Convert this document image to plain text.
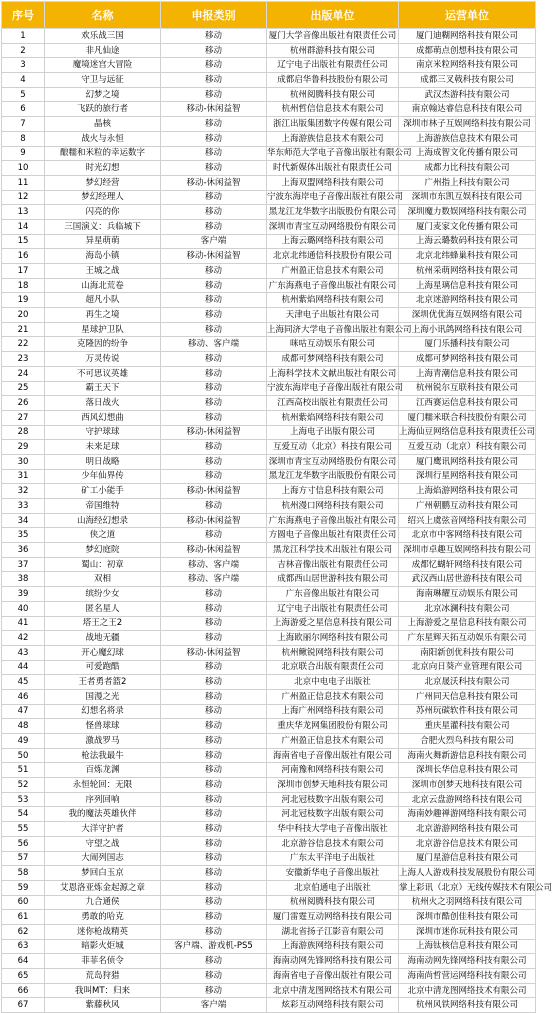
序号	名称	申报类别	出版单位	运营单位
1	欢乐战三国	移动	厦门大学音像出版社有限责任公司	厦门迪糊网络科技有限公司
2	非凡仙途	移动	杭州群游科技有限公司	成都萌点创想科技有限公司
3	魔境迷宫大冒险	移动	辽宁电子出版社有限责任公司	南京米粒网络科技有限公司
4	守卫与远征	移动	成都启华鲁科技股份有限公司	成都三叉戟科技有限公司
5	幻梦之境	移动	杭州阅腾科技有限公司	武汉杰游科技有限公司
6	飞跃的旅行者	移动-休闲益智	杭州哲信信息技术有限公司	南京翰达睿信息科技有限公司
7	晶核	移动	浙江出版集团数字传媒有限公司	深圳市林子互娱网络科技有限公司
8	战火与永恒	移动	上海游族信息技术有限公司	上海游族信息技术有限公司
9	酿糯和米粒的幸运数字	移动	华东师范大学电子音像出版社有限公司	上海成智文化传播有限公司
10	时光幻想	移动	时代新媒体出版社有限责任公司	成都力比科技有限公司
11	梦幻经营	移动-休闲益智	上海双盟网络科技有限公司	广州指上科技有限公司
12	梦幻经理人	移动	宁波东海岸电子音像出版社有限公司	深圳市东凯互娱科技有限公司
13	闪亮的你	移动	黑龙江龙华数字出版股份有限公司	深圳魔力数娱网络科技有限公司
14	三国演义：兵临城下	移动	深圳市青宝互动网络股份有限公司	厦门麦家文化传播有限公司
15	异星萌萌	客户端	上海云璐网络科技有限公司	上海云璐数码科技有限公司
16	海岛小镇	移动-休闲益智	北京北纬通信科技股份有限公司	北京北纬蜂巢科技有限公司
17	王城之战	移动	广州盈正信息技术有限公司	杭州采萌网络科技有限公司
18	山海北荒卷	移动	广东海燕电子音像出版社有限公司	上海星璃信息科技有限公司
19	超凡小队	移动	杭州紫焰网络科技有限公司	北京迷游网络科技有限公司
20	再生之境	移动	天津电子出版社有限公司	深圳优优海互娱网络有限公司
21	星球护卫队	移动	上海同济大学电子音像出版社有限公司	上海小讯鸽网络科技有限公司
22	克隆因的纷争	移动、客户端	咪咕互动娱乐有限公司	厦门乐播科技有限公司
23	万灵传说	移动	成都可梦网络科技有限公司	成都可梦网络科技有限公司
24	不可思议英雄	移动	上海科学技术文献出版社有限公司	上海青潮信息科技有限公司
25	霸王天下	移动	宁波东海岸电子音像出版社有限公司	杭州锐尔互联科技有限公司
26	落日战火	移动	江西高校出版社有限责任公司	江西赛运信息科技有限公司
27	西风幻想曲	移动	杭州紫焰网络科技有限公司	厦门糯米联合科技股份有限公司
28	守护球球	移动-休闲益智	上海电子出版有限公司	上海仙豆网络信息科技有限责任公司
29	未来足球	移动	互爱互动（北京）科技有限公司	互爱互动（北京）科技有限公司
30	明日战略	移动	深圳市青宝互动网络股份有限公司	厦门鹰讯网络科技有限公司
31	少年仙界传	移动	黑龙江龙华数字出版股份有限公司	深圳行星网络科技有限公司
32	矿工小能手	移动-休闲益智	上海方寸信息科技有限公司	上海焰游网络科技有限公司
33	帝国维特	移动	杭州漫口网络科技有限公司	广州朝鹏互动科技有限公司
34	山海经幻想录	移动-休闲益智	广东海燕电子音像出版社有限公司	绍兴上虞弦音网络科技有限公司
35	侠之道	移动	方圆电子音像出版社有限责任公司	北京市中客网络科技有限公司
36	梦幻庭院	移动-休闲益智	黑龙江科学技术出版社有限公司	深圳市卓趣互娱网络科技有限公司
37	蜀山：初章	移动、客户端	吉林音像出版社有限责任公司	成都忆蝴轩网络科技有限公司
38	双相	移动、客户端	成都西山居世游科技有限公司	武汉西山居世游科技有限公司
39	缤纷少女	移动	广东音像出版社有限公司	海南琳耀互动娱乐有限公司
40	匿名星人	移动	辽宁电子出版社有限责任公司	北京冰澜科技有限公司
41	塔王之王2	移动	上海游爱之星信息科技有限公司	上海游爱之星信息科技有限公司
42	战地无疆	移动	上海欧丽尔网络科技有限公司	广东星辉天拓互动娱乐有限公司
43	开心魔幻球	移动-休闲益智	杭州鳅锐网络科技有限公司	南阳新创优科技有限公司
44	可爱跑酷	移动	北京联合出版有限责任公司	北京向日葵产业管理有限公司
45	王者勇者篮2	移动	北京中电电子出版社	北京晟沃科技有限公司
46	国漫之光	移动	广州盈正信息技术有限公司	广州同天信息科技有限公司
47	幻想名将录	移动	上海广州网络科技有限公司	苏州玩碳软件科技有限公司
48	怪兽球球	移动	重庆华龙网集团股份有限公司	重庆星灌科技有限公司
49	激战罗马	移动	广州盈正信息技术有限公司	合肥火烈鸟科技有限公司
50	枪法我最牛	移动	海南省电子音像出版社有限公司	海南火舞新游信息科技有限公司
51	百炼龙渊	移动	河南豫和网络科技有限公司	深圳长华信息科技有限公司
52	永恒轮回：无限	移动	深圳市创梦天地科技有限公司	深圳市创梦天地科技有限公司
53	序列回响	移动	河北冠枝数字出版有限公司	北京云盘游网络科技有限公司
54	我的魔法英雄伙伴	移动	河北冠枝数字出版有限公司	海南妙趣禅游网络科技有限公司
55	大洋守护者	移动	华中科技大学电子音像出版社	北京游游网络科技有限公司
56	守望之战	移动	北京游谷信息技术有限公司	北京游谷信息技术有限公司
57	大闹列国志	移动	广东太平洋电子出版社	厦门星游信息科技有限公司
58	梦回白玉京	移动	安徽新华电子音像出版社	上海人人游戏科技发展股份有限公司
59	艾恩洛亚炼金起源之章	移动	北京伯通电子出版社	掌上彩讯（北京）无线传媒技术有限公司
60	九合通侯	移动	杭州阅腾科技有限公司	杭州火之羽网络科技有限公司
61	勇敢的哈克	移动	厦门雷霆互动网络科技有限公司	深圳市酷创佳科技有限公司
62	迷你枪战精英	移动	湖北省扬子江影音有限公司	深圳市迷你玩科技有限公司
63	暗影火炬城	客户端、游戏机-PS5	上海游族网络科技有限公司	上海钛核信息科技有限公司
64	菲菲名侦令	移动	海南动网先锋网络科技有限公司	海南动网先锋网络科技有限公司
65	荒岛狩猎	移动	海南省电子音像出版社有限公司	海南尚哲营运网络科技有限公司
66	我叫MT：归来	移动	北京中清龙图网络技术有限公司	北京中清龙图网络技术有限公司
67	紫藤秋风	客户端	炫彩互动网络科技有限公司	杭州风铁网络科技有限公司
